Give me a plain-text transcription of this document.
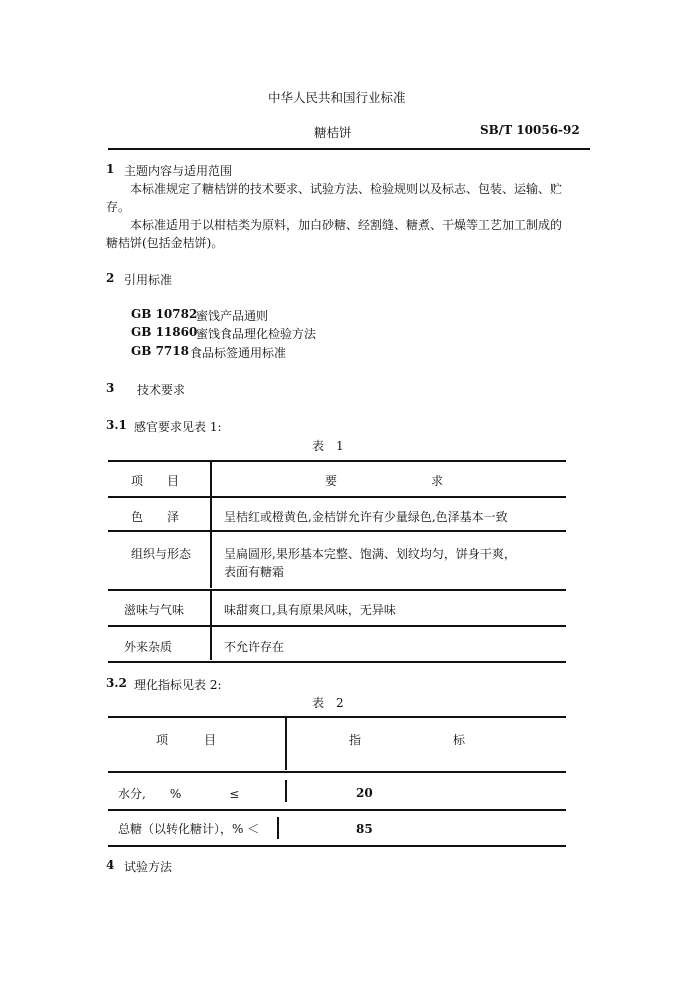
中华人民共和国行业标准
糖桔饼	SB/T 10056-92
1 主题内容与适用范围
本标准规定了糖桔饼的技术要求、试验方法、检验规则以及标志、包装、运输、贮
存。
本标准适用于以柑桔类为原料，加白砂糖、经割缝、糖煮、干燥等工艺加工制成的
糖桔饼(包括金桔饼)。
2 引用标准
GB 10782
蜜饯产品通则
GB 11860
蜜饯食品理化检验方法
GB 7718 食品标签通用标准
3 技术要求
3.1 感官要求见表 1:
表　1
项　　目	要	求
色　　泽	呈桔红或橙黄色,金桔饼允许有少量绿色,色泽基本一致
组织与形态	呈扁圆形,果形基本完整、饱满、划纹均匀，饼身干爽，
表面有糖霜
滋味与气味	味甜爽口,具有原果风味，无异味
外来杂质	不允许存在
3.2 理化指标见表 2:
表　2
项　　　目	指	标
水分,　　%　　　　≤	20
总糖（以转化糖计），% ＜	85
4 试验方法
